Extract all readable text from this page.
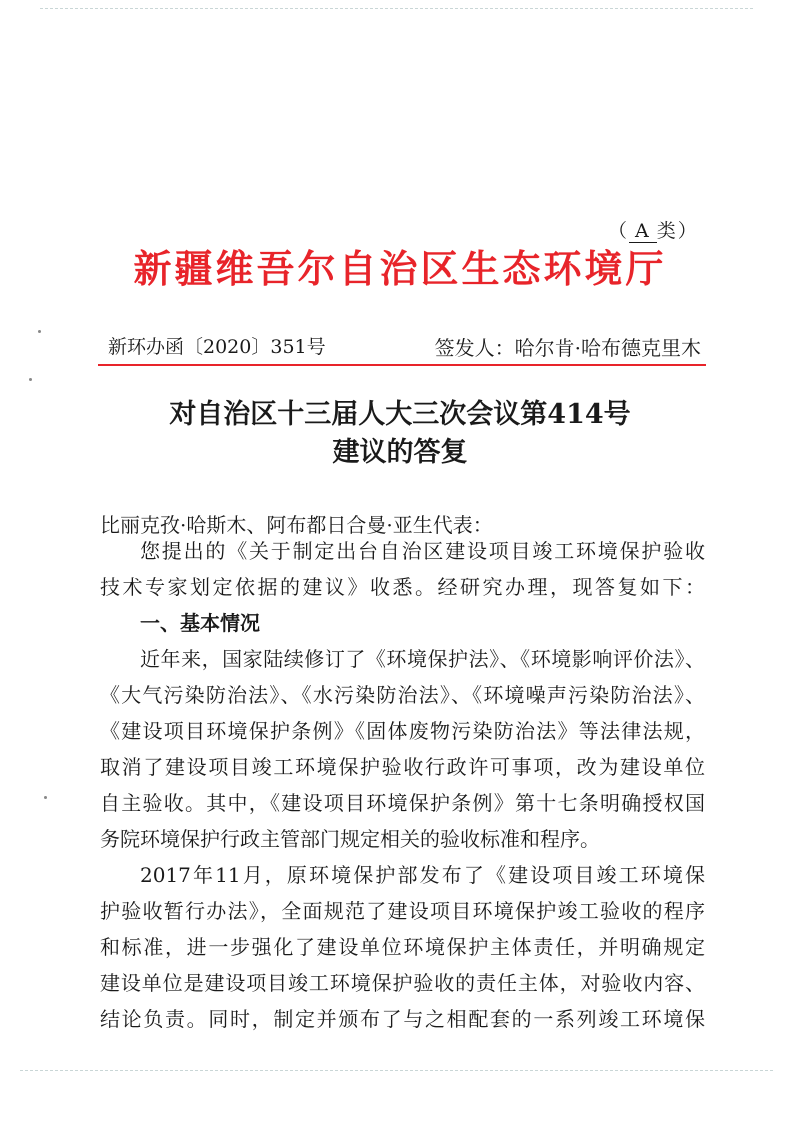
（ A 类）
新疆维吾尔自治区生态环境厅
新环办函〔2020〕351号	签发人：哈尔肯·哈布德克里木
对自治区十三届人大三次会议第414号
建议的答复
比丽克孜·哈斯木、阿布都日合曼·亚生代表：
您提出的《关于制定出台自治区建设项目竣工环境保护验收
技术专家划定依据的建议》收悉。经研究办理，现答复如下：
一、基本情况
近年来，国家陆续修订了《环境保护法》、《环境影响评价法》、
《大气污染防治法》、《水污染防治法》、《环境噪声污染防治法》、
《建设项目环境保护条例》《固体废物污染防治法》等法律法规，
取消了建设项目竣工环境保护验收行政许可事项，改为建设单位
自主验收。其中，《建设项目环境保护条例》第十七条明确授权国
务院环境保护行政主管部门规定相关的验收标准和程序。
2017年11月，原环境保护部发布了《建设项目竣工环境保
护验收暂行办法》，全面规范了建设项目环境保护竣工验收的程序
和标准，进一步强化了建设单位环境保护主体责任，并明确规定
建设单位是建设项目竣工环境保护验收的责任主体，对验收内容、
结论负责。同时，制定并颁布了与之相配套的一系列竣工环境保
